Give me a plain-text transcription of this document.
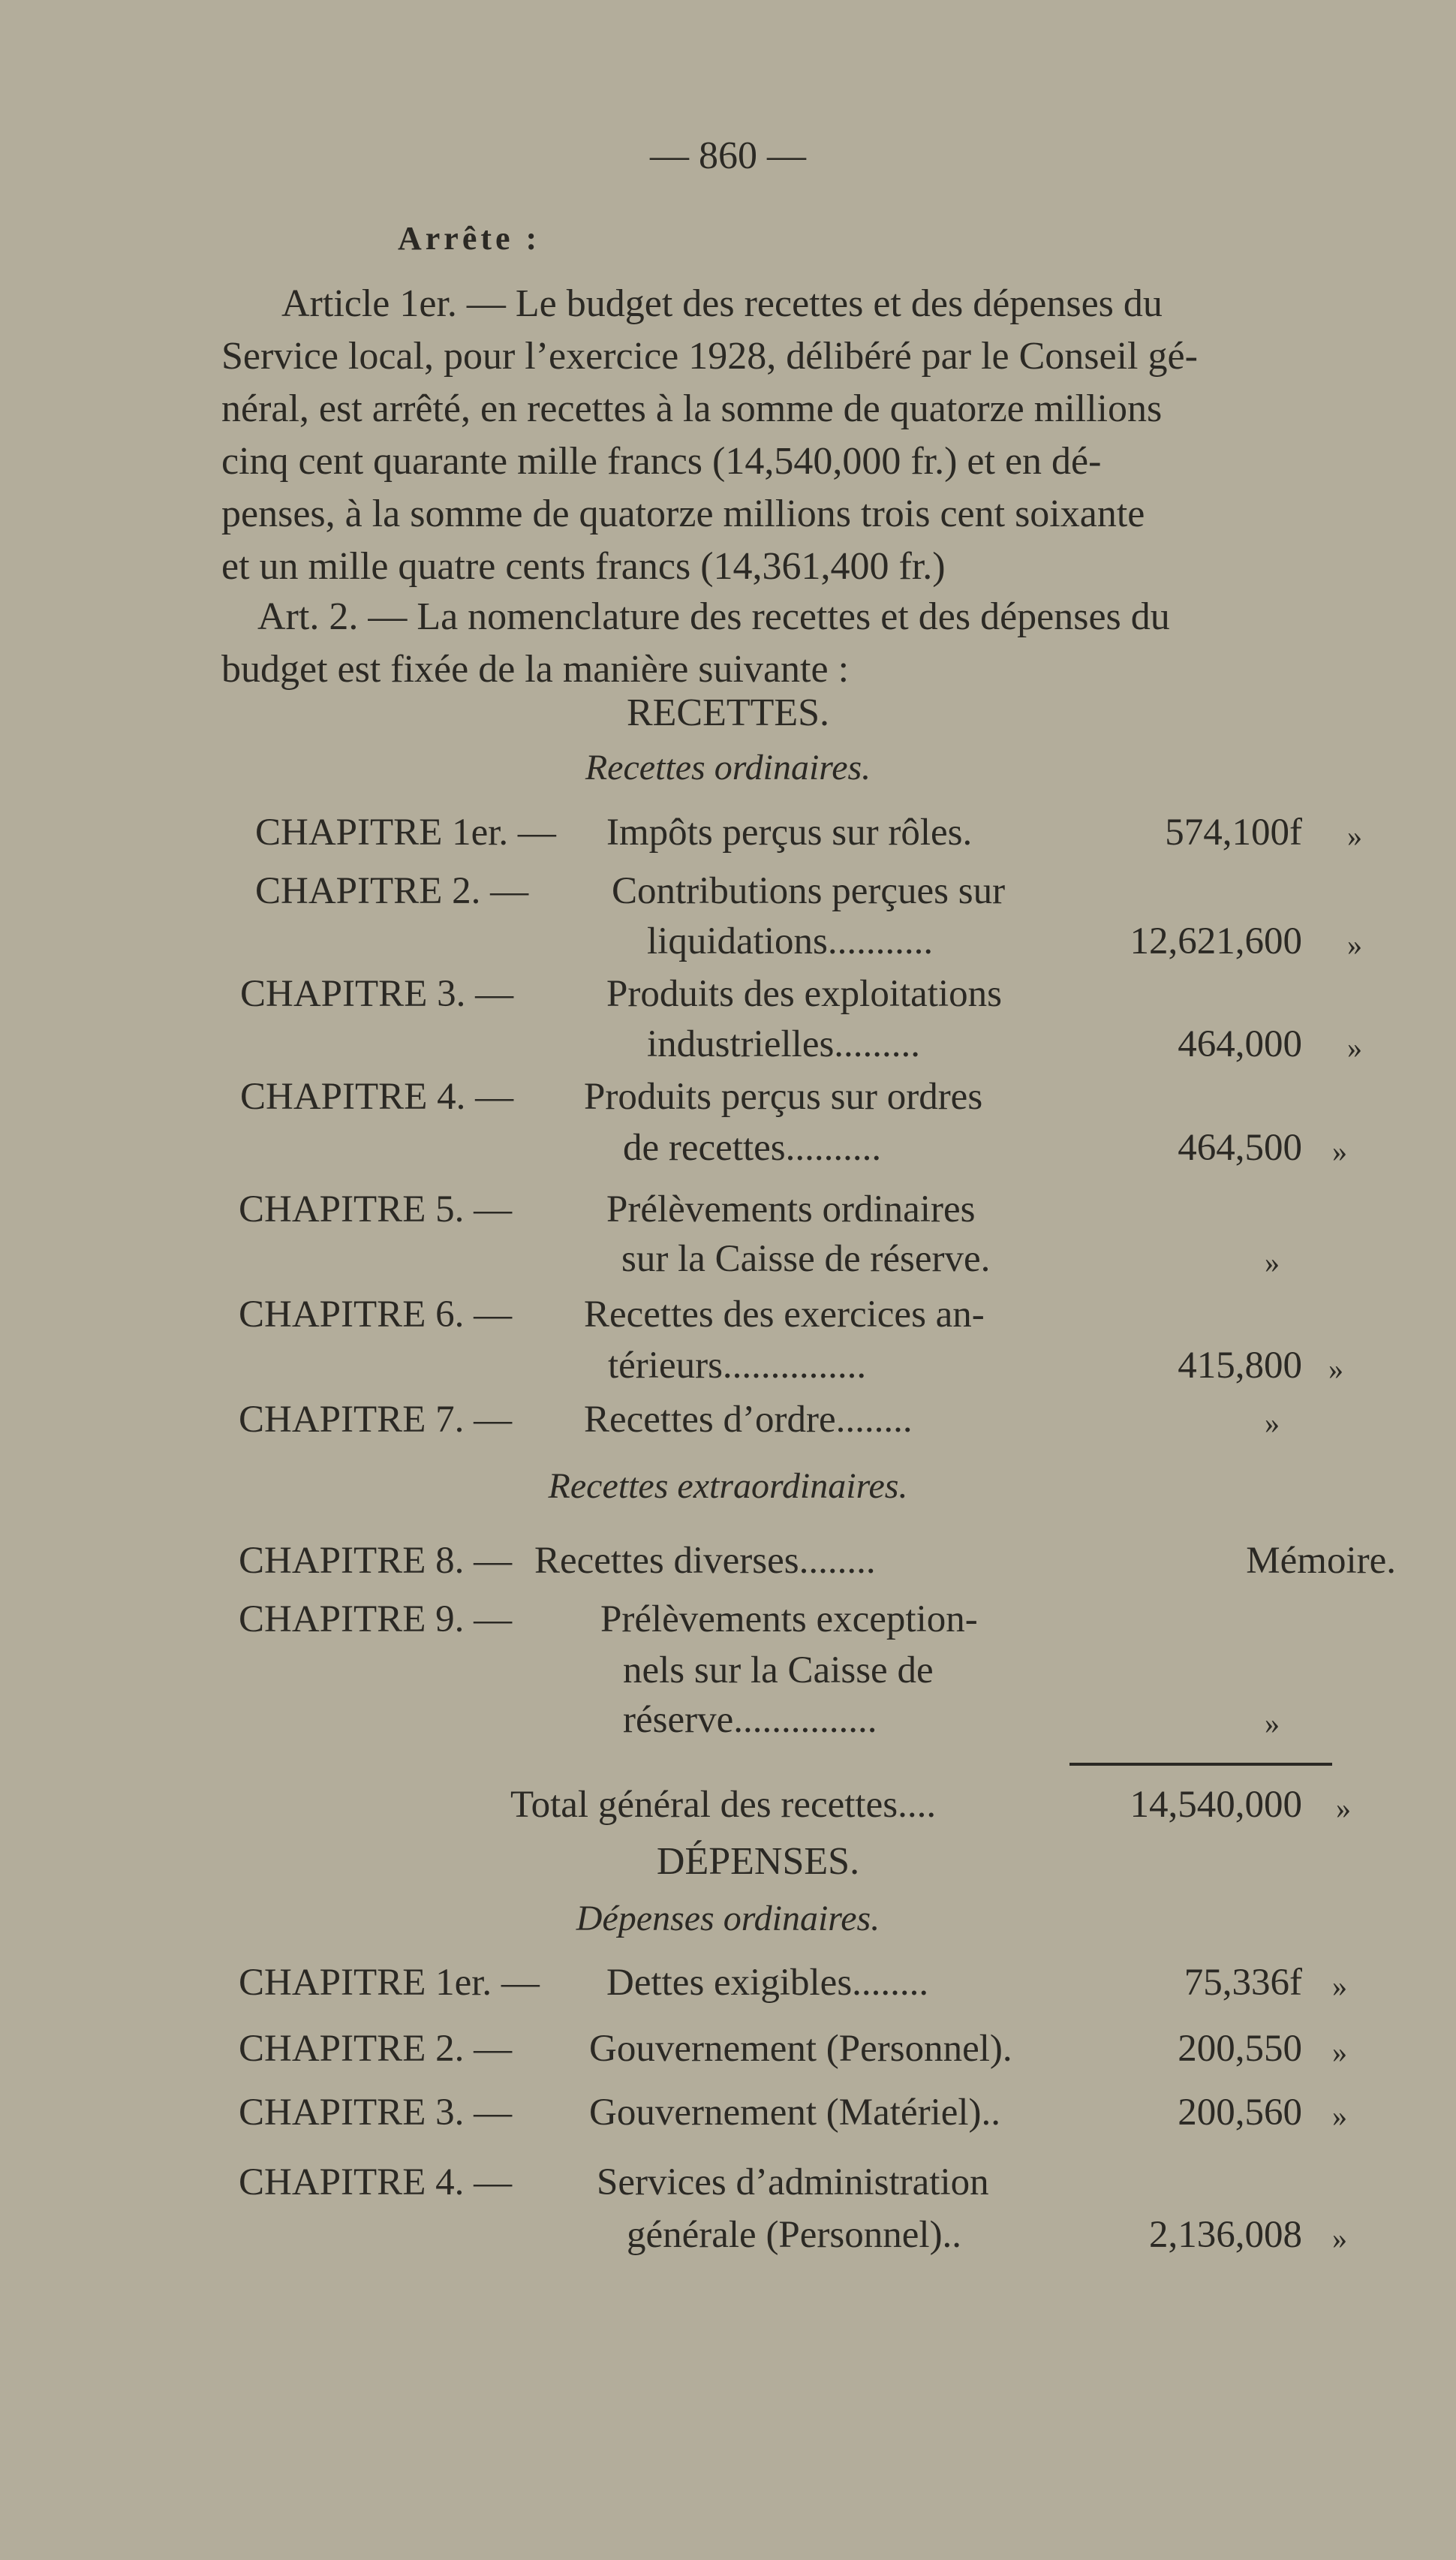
— 860 —
Arrête :
Article 1er. — Le budget des recettes et des dépenses du
Service local, pour l’exercice 1928, délibéré par le Conseil gé-
néral, est arrêté, en recettes à la somme de quatorze millions
cinq cent quarante mille francs (14,540,000 fr.) et en dé-
penses, à la somme de quatorze millions trois cent soixante
et un mille quatre cents francs (14,361,400 fr.)
Art. 2. — La nomenclature des recettes et des dépenses du
budget est fixée de la manière suivante :
RECETTES.
Recettes ordinaires.
CHAPITRE 1er. — Impôts perçus sur rôles.	574,100f »
CHAPITRE 2. — Contributions perçues sur
liquidations...........	12,621,600 »
CHAPITRE 3. — Produits des exploitations
industrielles.........	464,000 »
CHAPITRE 4. — Produits perçus sur ordres
de recettes..........	464,500 »
CHAPITRE 5. — Prélèvements ordinaires
sur la Caisse de réserve.	»
CHAPITRE 6. — Recettes des exercices an-
térieurs...............	415,800 »
CHAPITRE 7. — Recettes d’ordre........	»
Recettes extraordinaires.
CHAPITRE 8. — Recettes diverses........	Mémoire.
CHAPITRE 9. — Prélèvements exception-
nels sur la Caisse de
réserve...............	»
Total général des recettes....	14,540,000 »
DÉPENSES.
Dépenses ordinaires.
CHAPITRE 1er. — Dettes exigibles........	75,336f »
CHAPITRE 2. — Gouvernement (Personnel).	200,550 »
CHAPITRE 3. — Gouvernement (Matériel)..	200,560 »
CHAPITRE 4. — Services d’administration
générale (Personnel)..	2,136,008 »
